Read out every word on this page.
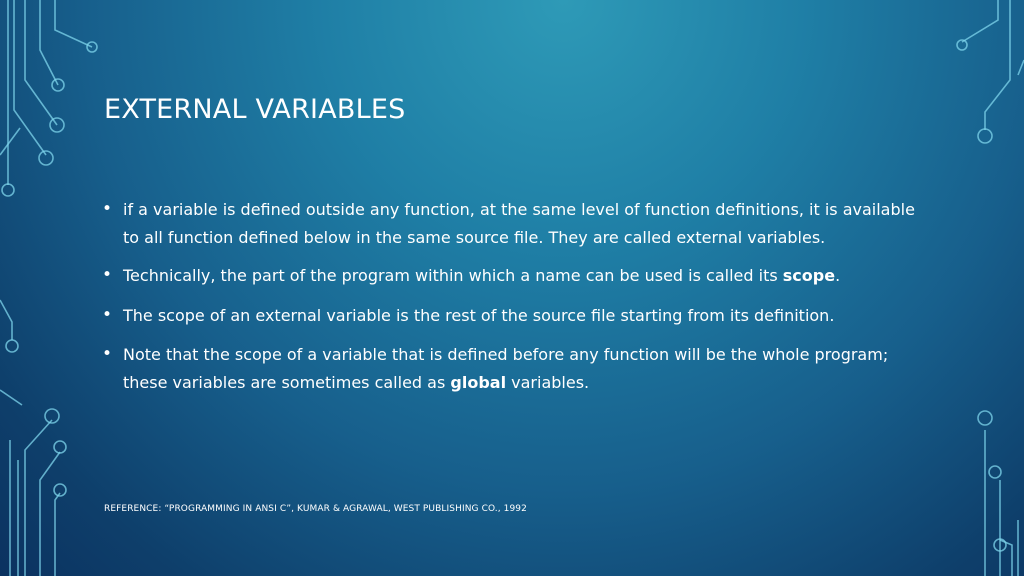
EXTERNAL VARIABLES
• if a variable is defined outside any function, at the same level of function definitions, it is available to all function defined below in the same source file. They are called external variables.
• Technically, the part of the program within which a name can be used is called its scope.
• The scope of an external variable is the rest of the source file starting from its definition.
• Note that the scope of a variable that is defined before any function will be the whole program; these variables are sometimes called as global variables.
REFERENCE: “PROGRAMMING IN ANSI C”, KUMAR & AGRAWAL, WEST PUBLISHING CO., 1992
